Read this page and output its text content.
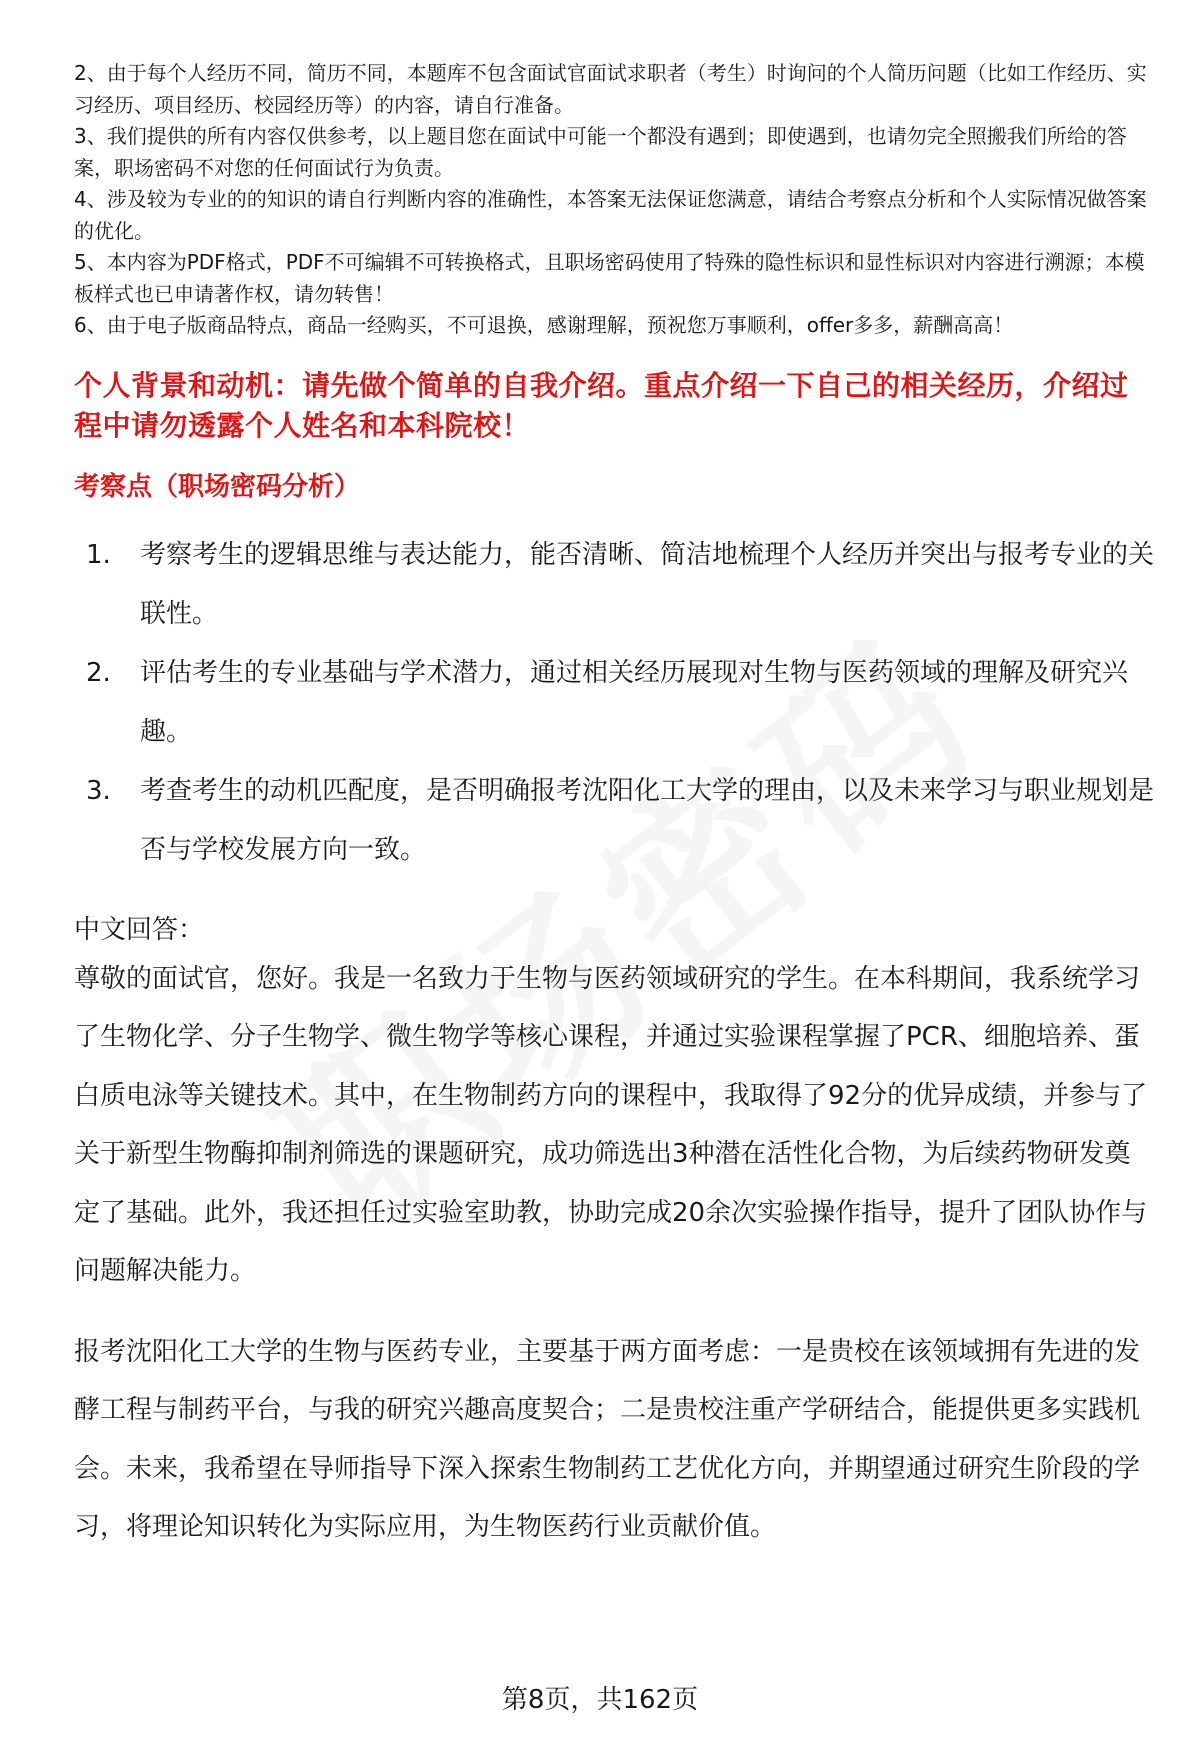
2、由于每个人经历不同，简历不同，本题库不包含面试官面试求职者（考生）时询问的个人简历问题（比如工作经历、实习经历、项目经历、校园经历等）的内容，请自行准备。

3、我们提供的所有内容仅供参考，以上题目您在面试中可能一个都没有遇到；即使遇到，也请勿完全照搬我们所给的答案，职场密码不对您的任何面试行为负责。

4、涉及较为专业的的知识的请自行判断内容的准确性，本答案无法保证您满意，请结合考察点分析和个人实际情况做答案的优化。

5、本内容为PDF格式，PDF不可编辑不可转换格式，且职场密码使用了特殊的隐性标识和显性标识对内容进行溯源；本模板样式也已申请著作权，请勿转售！

6、由于电子版商品特点，商品一经购买，不可退换，感谢理解，预祝您万事顺利，offer多多，薪酬高高！

个人背景和动机：请先做个简单的自我介绍。重点介绍一下自己的相关经历，介绍过程中请勿透露个人姓名和本科院校！

考察点（职场密码分析）

1.	考察考生的逻辑思维与表达能力，能否清晰、简洁地梳理个人经历并突出与报考专业的关联性。
2.	评估考生的专业基础与学术潜力，通过相关经历展现对生物与医药领域的理解及研究兴趣。
3.	考查考生的动机匹配度，是否明确报考沈阳化工大学的理由，以及未来学习与职业规划是否与学校发展方向一致。

中文回答：

尊敬的面试官，您好。我是一名致力于生物与医药领域研究的学生。在本科期间，我系统学习了生物化学、分子生物学、微生物学等核心课程，并通过实验课程掌握了PCR、细胞培养、蛋白质电泳等关键技术。其中，在生物制药方向的课程中，我取得了92分的优异成绩，并参与了关于新型生物酶抑制剂筛选的课题研究，成功筛选出3种潜在活性化合物，为后续药物研发奠定了基础。此外，我还担任过实验室助教，协助完成20余次实验操作指导，提升了团队协作与问题解决能力。

报考沈阳化工大学的生物与医药专业，主要基于两方面考虑：一是贵校在该领域拥有先进的发酵工程与制药平台，与我的研究兴趣高度契合；二是贵校注重产学研结合，能提供更多实践机会。未来，我希望在导师指导下深入探索生物制药工艺优化方向，并期望通过研究生阶段的学习，将理论知识转化为实际应用，为生物医药行业贡献价值。

第8页，共162页
